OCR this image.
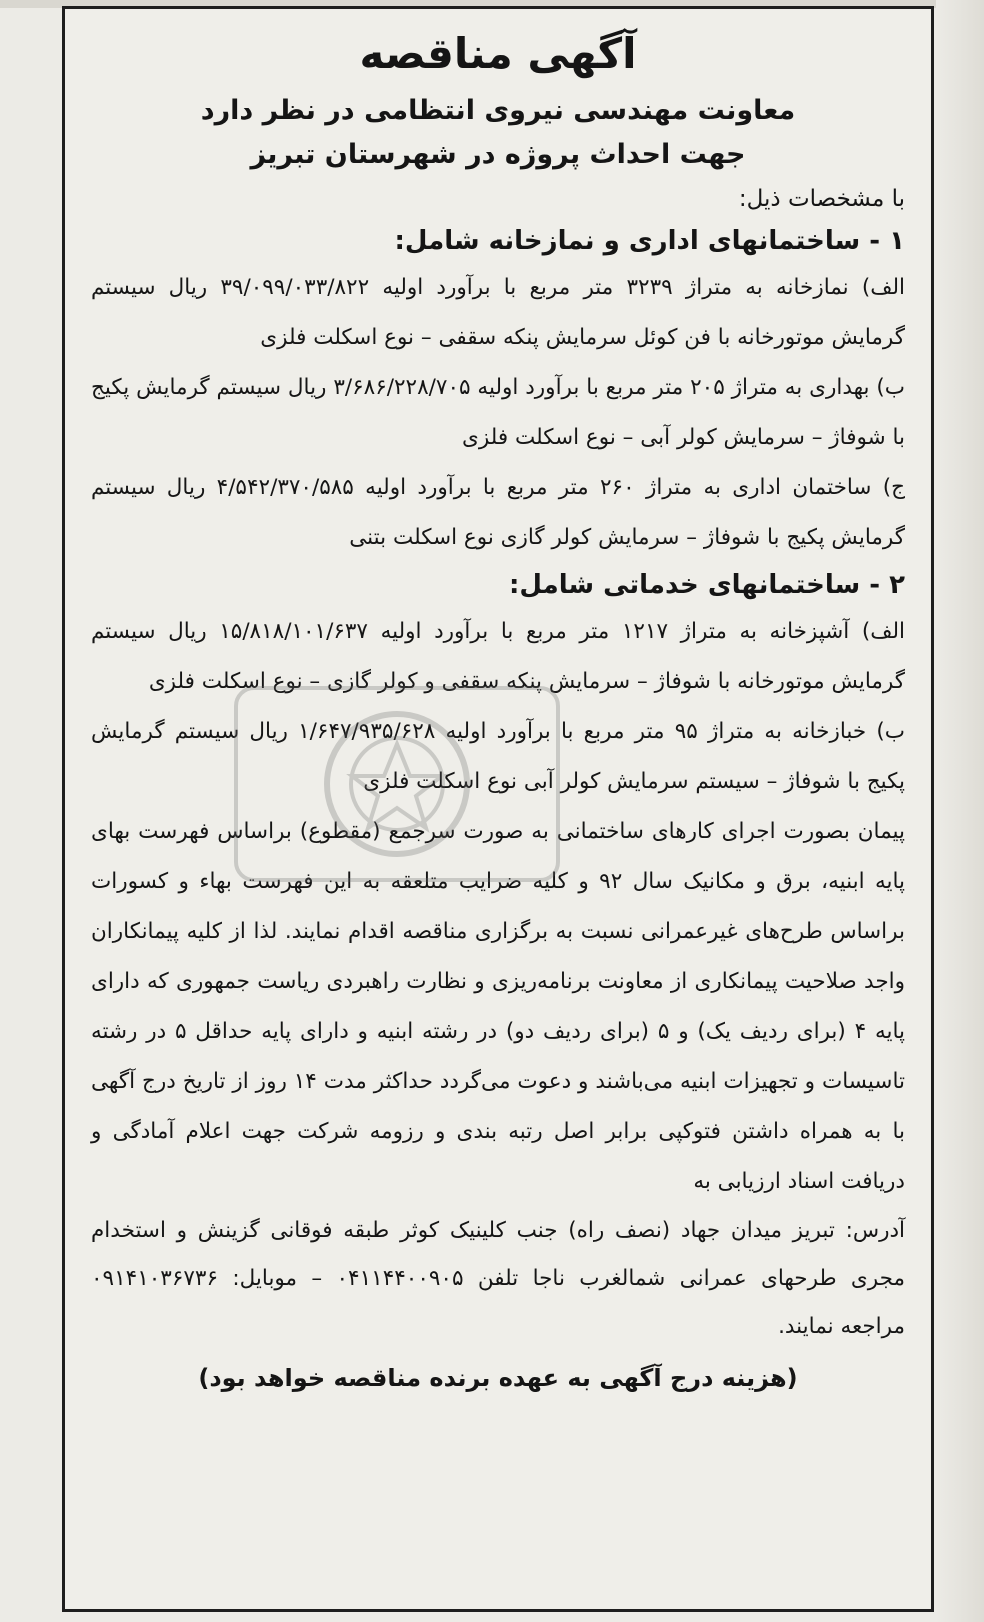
آگهی مناقصه
معاونت مهندسی نیروی انتظامی در نظر دارد
جهت احداث پروژه در شهرستان تبریز
با مشخصات ذیل:
۱ - ساختمانهای اداری و نمازخانه شامل:

الف) نمازخانه به متراژ ۳۲۳۹ متر مربع با برآورد اولیه ۳۹/۰۹۹/۰۳۳/۸۲۲ ریال سیستم گرمایش موتورخانه با فن کوئل سرمایش پنکه سقفی – نوع اسکلت فلزی

ب) بهداری به متراژ ۲۰۵ متر مربع با برآورد اولیه ۳/۶۸۶/۲۲۸/۷۰۵ ریال سیستم گرمایش پکیج با شوفاژ – سرمایش کولر آبی – نوع اسکلت فلزی

ج) ساختمان اداری به متراژ ۲۶۰ متر مربع با برآورد اولیه ۴/۵۴۲/۳۷۰/۵۸۵ ریال سیستم گرمایش پکیج با شوفاژ – سرمایش کولر گازی نوع اسکلت بتنی

۲ - ساختمانهای خدماتی شامل:

الف) آشپزخانه به متراژ ۱۲۱۷ متر مربع با برآورد اولیه ۱۵/۸۱۸/۱۰۱/۶۳۷ ریال سیستم گرمایش موتورخانه با شوفاژ – سرمایش پنکه سقفی و کولر گازی – نوع اسکلت فلزی

ب) خبازخانه به متراژ ۹۵ متر مربع با برآورد اولیه ۱/۶۴۷/۹۳۵/۶۲۸ ریال سیستم گرمایش پکیج با شوفاژ – سیستم سرمایش کولر آبی نوع اسکلت فلزی

پیمان بصورت اجرای کارهای ساختمانی به صورت سرجمع (مقطوع) براساس فهرست بهای پایه ابنیه، برق و مکانیک سال ۹۲ و کلیه ضرایب متلعقه به این فهرست بهاء و کسورات براساس طرح‌های غیرعمرانی نسبت به برگزاری مناقصه اقدام نمایند. لذا از کلیه پیمانکاران واجد صلاحیت پیمانکاری از معاونت برنامه‌ریزی و نظارت راهبردی ریاست جمهوری که دارای پایه ۴ (برای ردیف یک) و ۵ (برای ردیف دو) در رشته ابنیه و دارای پایه حداقل ۵ در رشته تاسیسات و تجهیزات ابنیه می‌باشند و دعوت می‌گردد حداکثر مدت ۱۴ روز از تاریخ درج آگهی با به همراه داشتن فتوکپی برابر اصل رتبه بندی و رزومه شرکت جهت اعلام آمادگی و دریافت اسناد ارزیابی به

آدرس: تبریز میدان جهاد (نصف راه) جنب کلینیک کوثر طبقه فوقانی گزینش و استخدام مجری طرحهای عمرانی شمالغرب ناجا تلفن ۰۴۱۱۴۴۰۰۹۰۵ – موبایل: ۰۹۱۴۱۰۳۶۷۳۶ مراجعه نمایند.

(هزینه درج آگهی به عهده برنده مناقصه خواهد بود)
